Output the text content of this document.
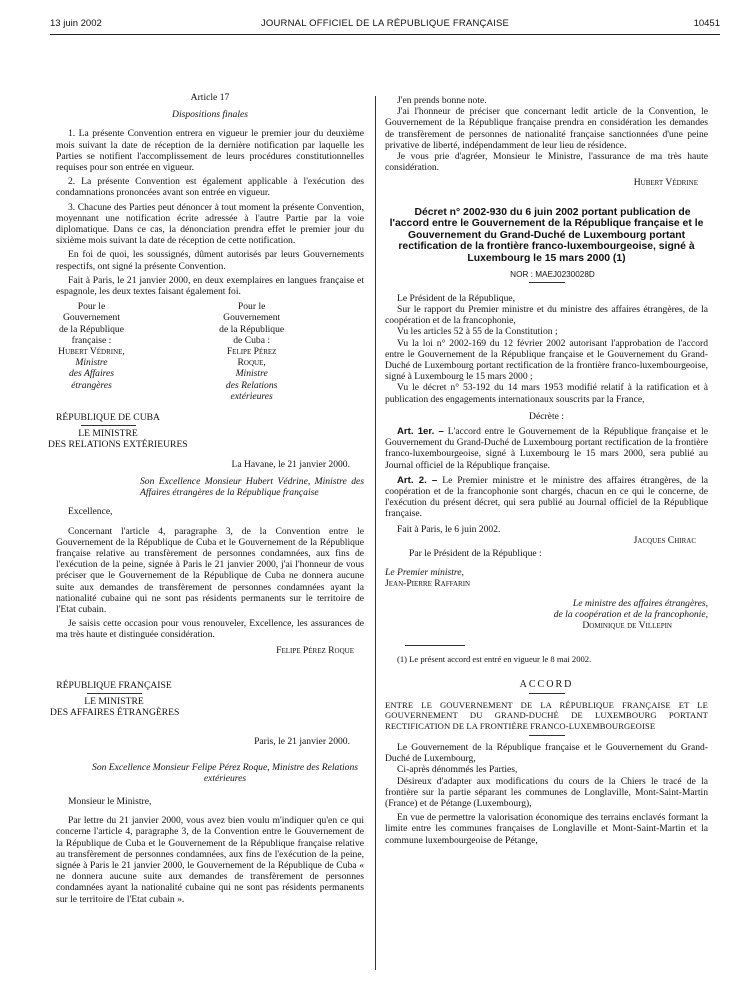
13 juin 2002	JOURNAL OFFICIEL DE LA RÉPUBLIQUE FRANÇAISE	10451

Article 17

Dispositions finales

1. La présente Convention entrera en vigueur le premier jour du deuxième mois suivant la date de réception de la dernière notification par laquelle les Parties se notifient l'accomplissement de leurs procédures constitutionnelles requises pour son entrée en vigueur.

2. La présente Convention est également applicable à l'exécution des condamnations prononcées avant son entrée en vigueur.

3. Chacune des Parties peut dénoncer à tout moment la présente Convention, moyennant une notification écrite adressée à l'autre Partie par la voie diplomatique. Dans ce cas, la dénonciation prendra effet le premier jour du sixième mois suivant la date de réception de cette notification.

En foi de quoi, les soussignés, dûment autorisés par leurs Gouvernements respectifs, ont signé la présente Convention.

Fait à Paris, le 21 janvier 2000, en deux exemplaires en langues française et espagnole, les deux textes faisant également foi.

Pour le Gouvernement
de la République française :
Hubert Védrine,
Ministre
des Affaires étrangères
Pour le Gouvernement
de la République de Cuba :
Felipe Pérez Roque,
Ministre
des Relations extérieures
RÉPUBLIQUE DE CUBA
LE MINISTRE
DES RELATIONS EXTÉRIEURES

La Havane, le 21 janvier 2000.

Son Excellence Monsieur Hubert Védrine, Ministre des Affaires étrangères de la République française

Excellence,

Concernant l'article 4, paragraphe 3, de la Convention entre le Gouvernement de la République de Cuba et le Gouvernement de la République française relative au transfèrement de personnes condamnées, aux fins de l'exécution de la peine, signée à Paris le 21 janvier 2000, j'ai l'honneur de vous préciser que le Gouvernement de la République de Cuba ne donnera aucune suite aux demandes de transfèrement de personnes condamnées ayant la nationalité cubaine qui ne sont pas résidents permanents sur le territoire de l'Etat cubain.

Je saisis cette occasion pour vous renouveler, Excellence, les assurances de ma très haute et distinguée considération.

Felipe Pérez Roque

RÉPUBLIQUE FRANÇAISE
LE MINISTRE
DES AFFAIRES ÉTRANGÈRES

Paris, le 21 janvier 2000.

Son Excellence Monsieur Felipe Pérez Roque, Ministre des Relations extérieures

Monsieur le Ministre,

Par lettre du 21 janvier 2000, vous avez bien voulu m'indiquer qu'en ce qui concerne l'article 4, paragraphe 3, de la Convention entre le Gouvernement de la République de Cuba et le Gouvernement de la République française relative au transfèrement de personnes condamnées, aux fins de l'exécution de la peine, signée à Paris le 21 janvier 2000, le Gouvernement de la République de Cuba « ne donnera aucune suite aux demandes de transfèrement de personnes condamnées ayant la nationalité cubaine qui ne sont pas résidents permanents sur le territoire de l'Etat cubain ».

J'en prends bonne note.

J'ai l'honneur de préciser que concernant ledit article de la Convention, le Gouvernement de la République française prendra en considération les demandes de transfèrement de personnes de nationalité française sanctionnées d'une peine privative de liberté, indépendamment de leur lieu de résidence.

Je vous prie d'agréer, Monsieur le Ministre, l'assurance de ma très haute considération.

Hubert Védrine

Décret n° 2002-930 du 6 juin 2002 portant publication de l'accord entre le Gouvernement de la République française et le Gouvernement du Grand-Duché de Luxembourg portant rectification de la frontière franco-luxembourgeoise, signé à Luxembourg le 15 mars 2000 (1)

NOR : MAEJ0230028D

Le Président de la République,

Sur le rapport du Premier ministre et du ministre des affaires étrangères, de la coopération et de la francophonie,

Vu les articles 52 à 55 de la Constitution ;

Vu la loi n° 2002-169 du 12 février 2002 autorisant l'approbation de l'accord entre le Gouvernement de la République française et le Gouvernement du Grand-Duché de Luxembourg portant rectification de la frontière franco-luxembourgeoise, signé à Luxembourg le 15 mars 2000 ;

Vu le décret n° 53-192 du 14 mars 1953 modifié relatif à la ratification et à publication des engagements internationaux souscrits par la France,

Décrète :

Art. 1er. – L'accord entre le Gouvernement de la République française et le Gouvernement du Grand-Duché de Luxembourg portant rectification de la frontière franco-luxembourgeoise, signé à Luxembourg le 15 mars 2000, sera publié au Journal officiel de la République française.

Art. 2. – Le Premier ministre et le ministre des affaires étrangères, de la coopération et de la francophonie sont chargés, chacun en ce qui le concerne, de l'exécution du présent décret, qui sera publié au Journal officiel de la République française.

Fait à Paris, le 6 juin 2002.

Jacques Chirac

Par le Président de la République :

Le Premier ministre,

Jean-Pierre Raffarin

Le ministre des affaires étrangères,

de la coopération et de la francophonie,

Dominique de Villepin

(1) Le présent accord est entré en vigueur le 8 mai 2002.

ACCORD

ENTRE LE GOUVERNEMENT DE LA RÉPUBLIQUE FRANÇAISE ET LE GOUVERNEMENT DU GRAND-DUCHÉ DE LUXEMBOURG PORTANT RECTIFICATION DE LA FRONTIÈRE FRANCO-LUXEMBOURGEOISE

Le Gouvernement de la République française et le Gouvernement du Grand-Duché de Luxembourg,

Ci-après dénommés les Parties,

Désireux d'adapter aux modifications du cours de la Chiers le tracé de la frontière sur la partie séparant les communes de Longlaville, Mont-Saint-Martin (France) et de Pétange (Luxembourg),

En vue de permettre la valorisation économique des terrains enclavés formant la limite entre les communes françaises de Longlaville et Mont-Saint-Martin et la commune luxembourgeoise de Pétange,
